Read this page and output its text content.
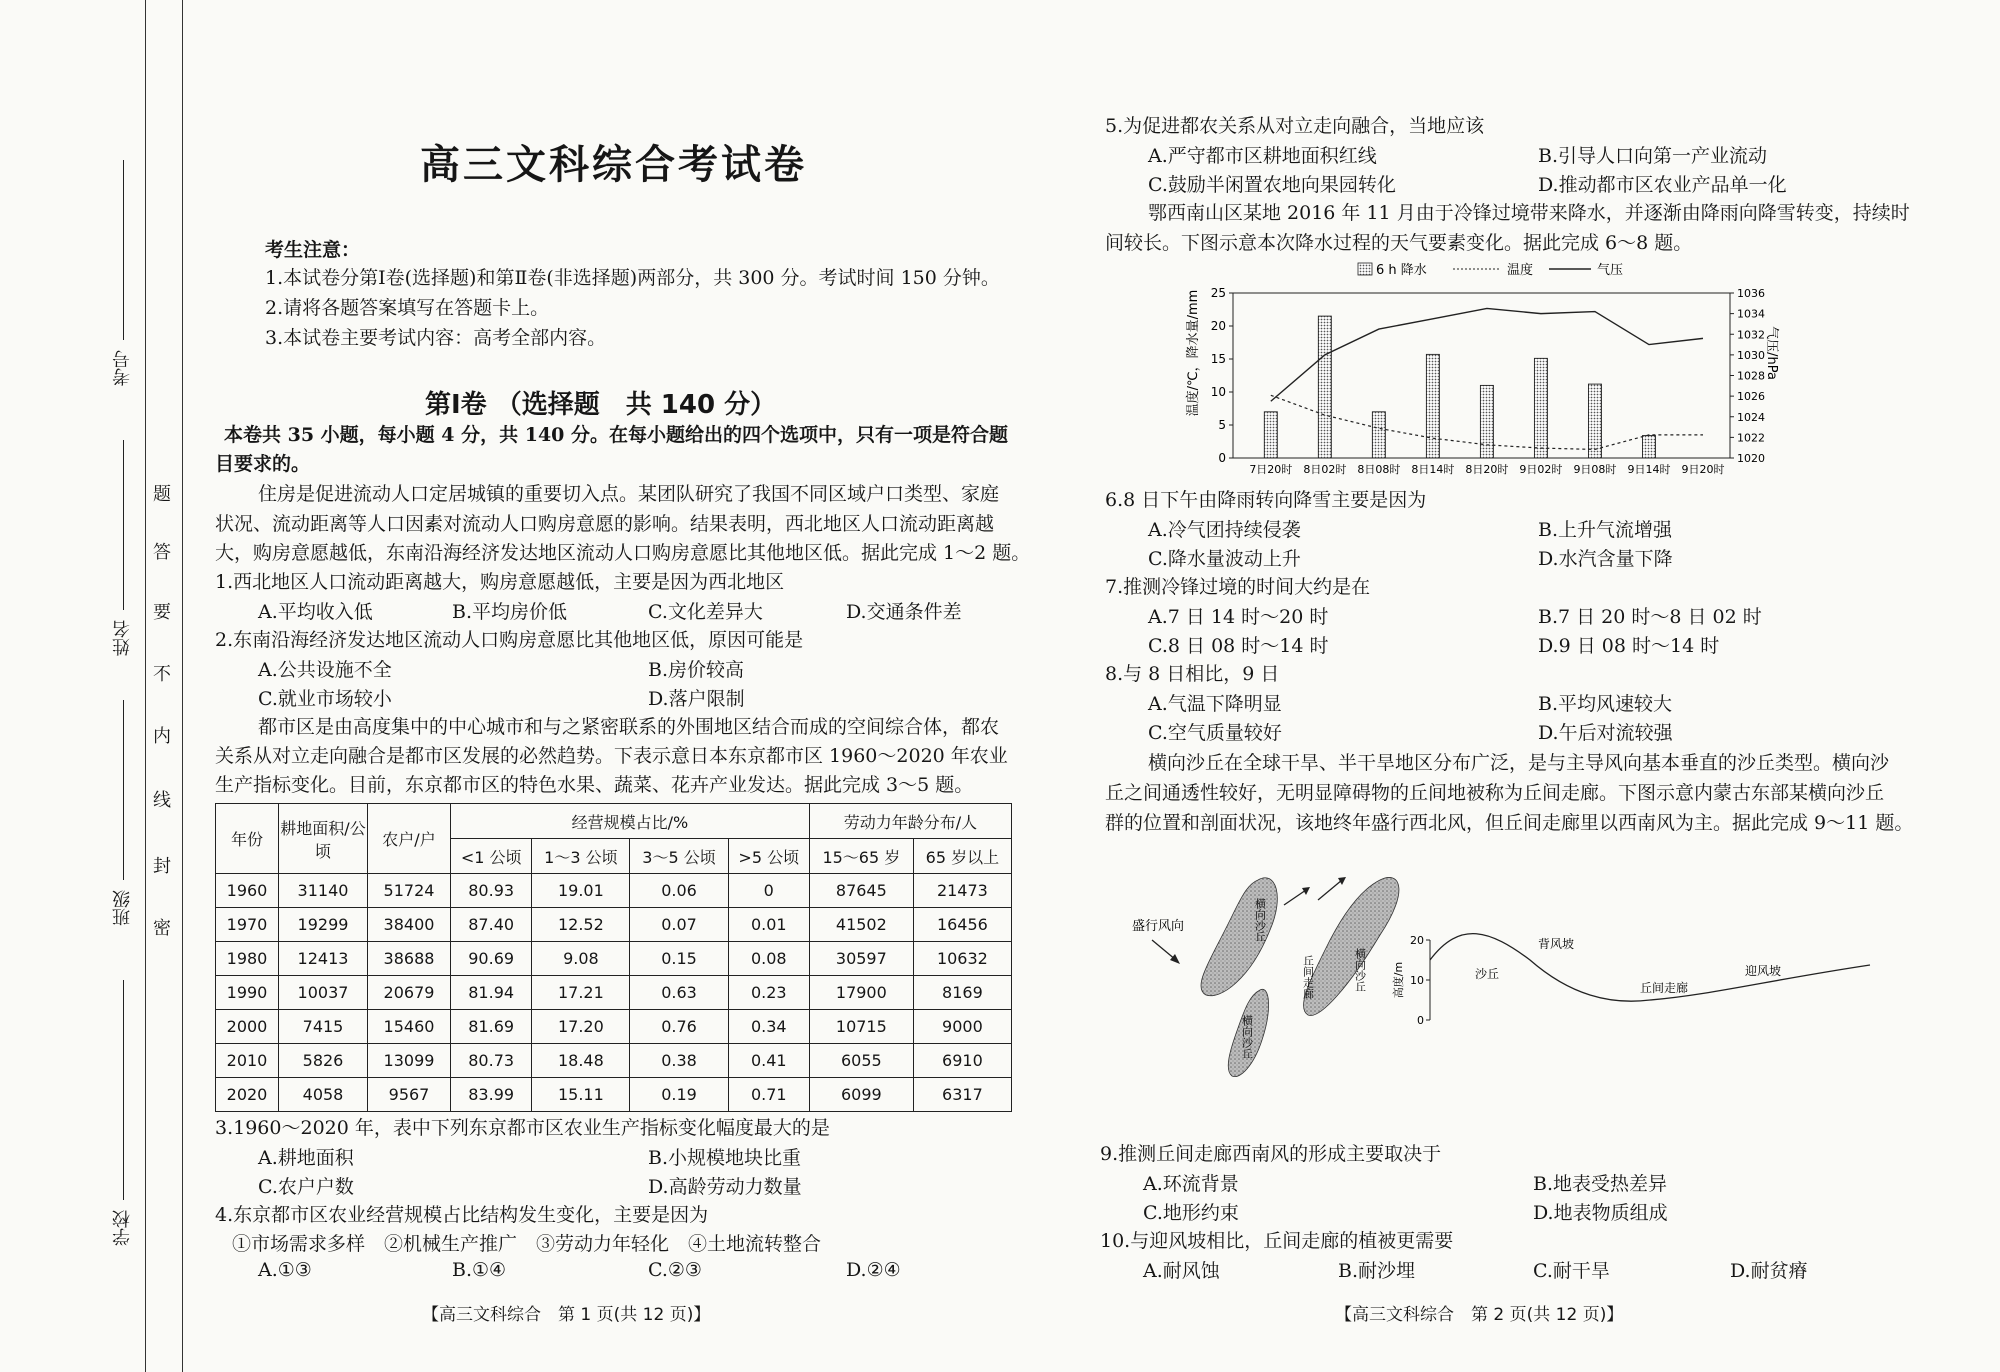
考号
姓名
班级
学校
题
答
要
不
内
线
封
密
高三文科综合考试卷
考生注意：
1.本试卷分第Ⅰ卷(选择题)和第Ⅱ卷(非选择题)两部分，共 300 分。考试时间 150 分钟。
2.请将各题答案填写在答题卡上。
3.本试卷主要考试内容：高考全部内容。
第Ⅰ卷 （选择题　共 140 分）
本卷共 35 小题，每小题 4 分，共 140 分。在每小题给出的四个选项中，只有一项是符合题
目要求的。
住房是促进流动人口定居城镇的重要切入点。某团队研究了我国不同区域户口类型、家庭
状况、流动距离等人口因素对流动人口购房意愿的影响。结果表明，西北地区人口流动距离越
大，购房意愿越低，东南沿海经济发达地区流动人口购房意愿比其他地区低。据此完成 1～2 题。
1.西北地区人口流动距离越大，购房意愿越低，主要是因为西北地区
A.平均收入低	B.平均房价低	C.文化差异大	D.交通条件差
2.东南沿海经济发达地区流动人口购房意愿比其他地区低，原因可能是
A.公共设施不全	B.房价较高
C.就业市场较小	D.落户限制
都市区是由高度集中的中心城市和与之紧密联系的外围地区结合而成的空间综合体，都农
关系从对立走向融合是都市区发展的必然趋势。下表示意日本东京都市区 1960～2020 年农业
生产指标变化。目前，东京都市区的特色水果、蔬菜、花卉产业发达。据此完成 3～5 题。
年份	耕地面积/公顷	农户/户	经营规模占比/%				劳动力年龄分布/人	
			<1 公顷	1～3 公顷	3～5 公顷	>5 公顷	15～65 岁	65 岁以上
1960	31140	51724	80.93	19.01	0.06	0	87645	21473
1970	19299	38400	87.40	12.52	0.07	0.01	41502	16456
1980	12413	38688	90.69	9.08	0.15	0.08	30597	10632
1990	10037	20679	81.94	17.21	0.63	0.23	17900	8169
2000	7415	15460	81.69	17.20	0.76	0.34	10715	9000
2010	5826	13099	80.73	18.48	0.38	0.41	6055	6910
2020	4058	9567	83.99	15.11	0.19	0.71	6099	6317
3.1960～2020 年，表中下列东京都市区农业生产指标变化幅度最大的是
A.耕地面积	B.小规模地块比重
C.农户户数	D.高龄劳动力数量
4.东京都市区农业经营规模占比结构发生变化，主要是因为
①市场需求多样　②机械生产推广　③劳动力年轻化　④土地流转整合
A.①③	B.①④	C.②③	D.②④
【高三文科综合　第 1 页(共 12 页)】
5.为促进都农关系从对立走向融合，当地应该
A.严守都市区耕地面积红线	B.引导人口向第一产业流动
C.鼓励半闲置农地向果园转化	D.推动都市区农业产品单一化
鄂西南山区某地 2016 年 11 月由于冷锋过境带来降水，并逐渐由降雨向降雪转变，持续时
间较长。下图示意本次降水过程的天气要素变化。据此完成 6～8 题。
6 h 降水	温度	气压
25
20
15
10
5
0
1036
1034
1032
1030
1028
1026
1024
1022
1020
7日20时 8日02时 8日08时 8日14时 8日20时 9日02时 9日08时 9日14时 9日20时
温度/℃，降水量/mm	气压/hPa
6.8 日下午由降雨转向降雪主要是因为
A.冷气团持续侵袭	B.上升气流增强
C.降水量波动上升	D.水汽含量下降
7.推测冷锋过境的时间大约是在
A.7 日 14 时～20 时	B.7 日 20 时～8 日 02 时
C.8 日 08 时～14 时	D.9 日 08 时～14 时
8.与 8 日相比，9 日
A.气温下降明显	B.平均风速较大
C.空气质量较好	D.午后对流较强
横向沙丘在全球干旱、半干旱地区分布广泛，是与主导风向基本垂直的沙丘类型。横向沙
丘之间通透性较好，无明显障碍物的丘间地被称为丘间走廊。下图示意内蒙古东部某横向沙丘
群的位置和剖面状况，该地终年盛行西北风，但丘间走廊里以西南风为主。据此完成 9～11 题。
盛行风向	横向沙丘
横向沙丘
横向沙丘
丘间走廊
20
10
0
高度/m	沙丘
背风坡
丘间走廊
迎风坡
9.推测丘间走廊西南风的形成主要取决于
A.环流背景	B.地表受热差异
C.地形约束	D.地表物质组成
10.与迎风坡相比，丘间走廊的植被更需要
A.耐风蚀	B.耐沙埋	C.耐干旱	D.耐贫瘠
【高三文科综合　第 2 页(共 12 页)】
